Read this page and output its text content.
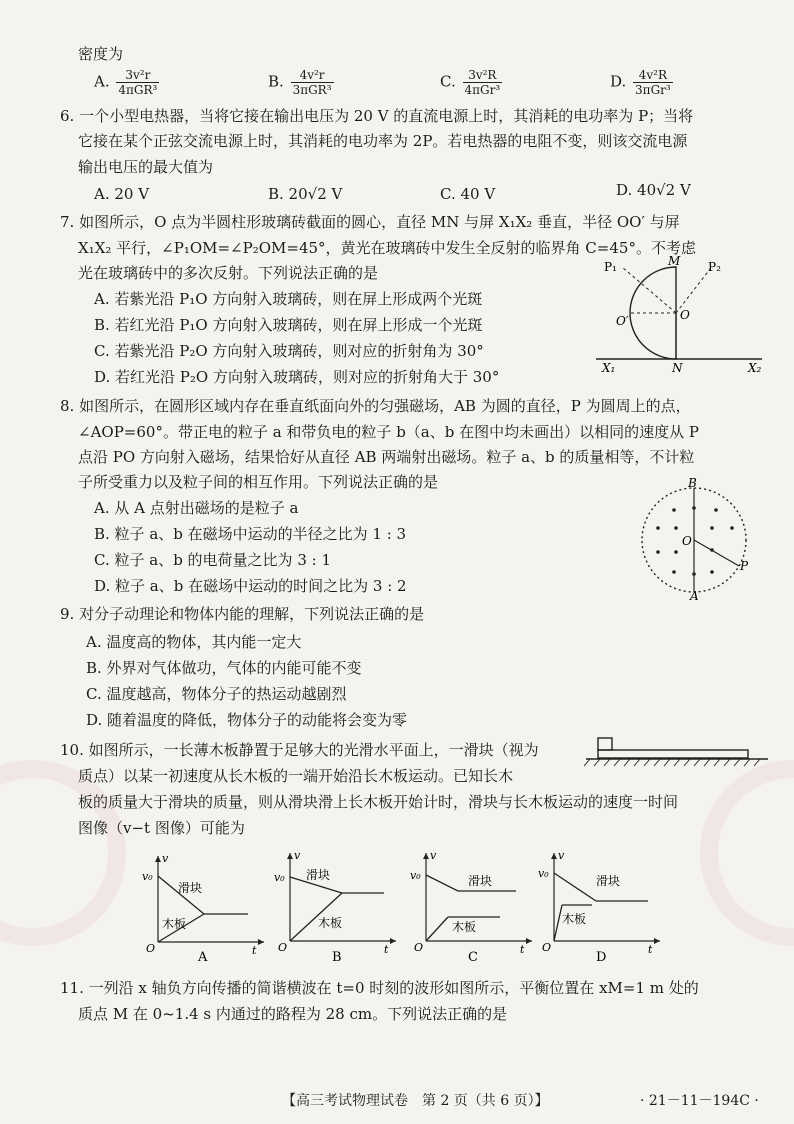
密度为
A. $\frac{\text{3v²r}}{\text{4πGR³}}$	B. $\frac{\text{4v²r}}{\text{3πGR³}}$	C. $\frac{\text{3v²R}}{\text{4πGr³}}$	D. $\frac{\text{4v²R}}{\text{3πGr³}}$
6. 一个小型电热器，当将它接在输出电压为 20 V 的直流电源上时，其消耗的电功率为 P；当将
它接在某个正弦交流电源上时，其消耗的电功率为 2P。若电热器的电阻不变，则该交流电源
输出电压的最大值为
A. 20 V	B. 20√2 V	C. 40 V	D. 40√2 V
7. 如图所示，O 点为半圆柱形玻璃砖截面的圆心，直径 MN 与屏 X₁X₂ 垂直，半径 OO′ 与屏
X₁X₂ 平行，∠P₁OM=∠P₂OM=45°，黄光在玻璃砖中发生全反射的临界角 C=45°。不考虑
光在玻璃砖中的多次反射。下列说法正确的是
A. 若紫光沿 P₁O 方向射入玻璃砖，则在屏上形成两个光斑
B. 若红光沿 P₁O 方向射入玻璃砖，则在屏上形成一个光斑
C. 若紫光沿 P₂O 方向射入玻璃砖，则对应的折射角为 30°
D. 若红光沿 P₂O 方向射入玻璃砖，则对应的折射角大于 30°
P₁	M P₂
O′	O
N
X₁	X₂
8. 如图所示，在圆形区域内存在垂直纸面向外的匀强磁场，AB 为圆的直径，P 为圆周上的点，
∠AOP=60°。带正电的粒子 a 和带负电的粒子 b（a、b 在图中均未画出）以相同的速度从 P
点沿 PO 方向射入磁场，结果恰好从直径 AB 两端射出磁场。粒子 a、b 的质量相等，不计粒
子所受重力以及粒子间的相互作用。下列说法正确的是
A. 从 A 点射出磁场的是粒子 a
B. 粒子 a、b 在磁场中运动的半径之比为 1 : 3
C. 粒子 a、b 的电荷量之比为 3 : 1
D. 粒子 a、b 在磁场中运动的时间之比为 3 : 2
B
O
P
A
9. 对分子动理论和物体内能的理解，下列说法正确的是
A. 温度高的物体，其内能一定大
B. 外界对气体做功，气体的内能可能不变
C. 温度越高，物体分子的热运动越剧烈
D. 随着温度的降低，物体分子的动能将会变为零
10. 如图所示，一长薄木板静置于足够大的光滑水平面上，一滑块（视为
质点）以某一初速度从长木板的一端开始沿长木板运动。已知长木
板的质量大于滑块的质量，则从滑块滑上长木板开始计时，滑块与长木板运动的速度一时间
图像（v−t 图像）可能为
v
v₀
滑块
木板
O	t
A
v
v₀ 滑块
木板
O	t
B
v
v₀	滑块
木板
O	t
C
v
v₀
滑块
木板
O	t
D
11. 一列沿 x 轴负方向传播的简谐横波在 t=0 时刻的波形如图所示，平衡位置在 xM=1 m 处的
质点 M 在 0~1.4 s 内通过的路程为 28 cm。下列说法正确的是
【高三考试物理试卷　第 2 页（共 6 页）】	· 21－11－194C ·
